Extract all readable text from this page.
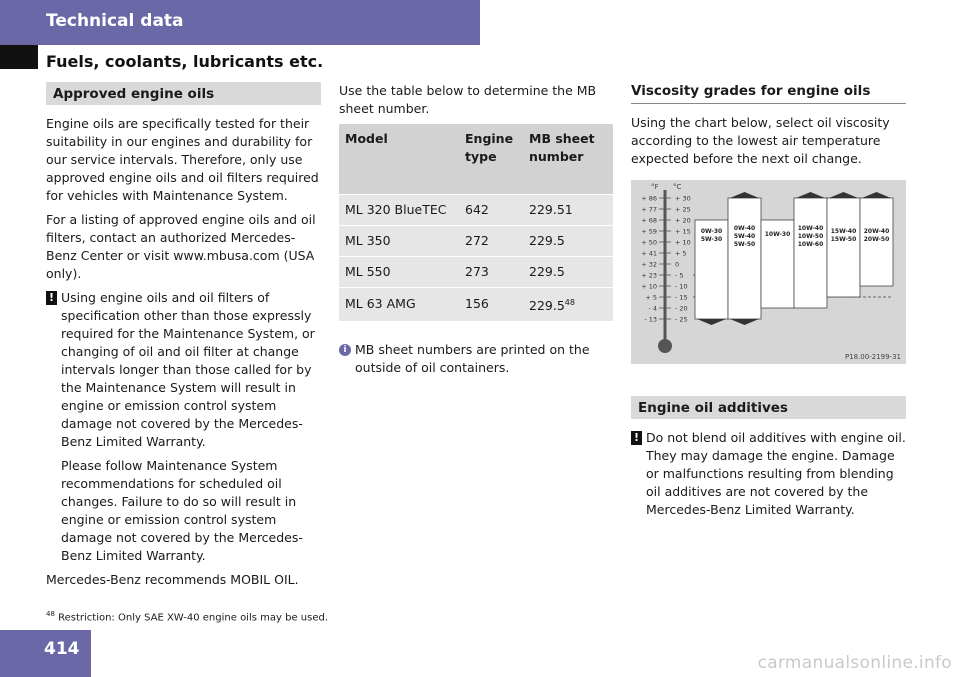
Technical data
Fuels, coolants, lubricants etc.
Approved engine oils

Engine oils are specifically tested for their suitability in our engines and durability for our service intervals. Therefore, only use approved engine oils and oil filters required for vehicles with Maintenance System.

For a listing of approved engine oils and oil filters, contact an authorized Mercedes-Benz Center or visit www.mbusa.com (USA only).

! Using engine oils and oil filters of specification other than those expressly required for the Maintenance System, or changing of oil and oil filter at change intervals longer than those called for by the Maintenance System will result in engine or emission control system damage not covered by the Mercedes-Benz Limited Warranty.

Please follow Maintenance System recommendations for scheduled oil changes. Failure to do so will result in engine or emission control system damage not covered by the Mercedes-Benz Limited Warranty.

Mercedes-Benz recommends MOBIL OIL.

Use the table below to determine the MB sheet number.

Model	Engine type	MB sheet number
ML 320 BlueTEC	642	229.51
ML 350	272	229.5
ML 550	273	229.5
ML 63 AMG	156	229.5$^{48}$
i MB sheet numbers are printed on the outside of oil containers.
Viscosity grades for engine oils

Using the chart below, select oil viscosity according to the lowest air temperature expected before the next oil change.

°F °C
+ 86	+ 30
+ 77	+ 25
+ 68	+ 20
+ 59	+ 15
+ 50	+ 10
+ 41	+ 5
+ 32	0
+ 23	- 5
+ 10	- 10
+ 5	- 15
- 4	- 20
- 13	- 25
0W-30
5W-30
0W-40
5W-40
5W-50
10W-30
10W-40
10W-50
10W-60
15W-40
15W-50
20W-40
20W-50
P18.00-2199-31
Engine oil additives
! Do not blend oil additives with engine oil. They may damage the engine. Damage or malfunctions resulting from blending oil additives are not covered by the Mercedes-Benz Limited Warranty.
$^{48}$ Restriction: Only SAE XW-40 engine oils may be used.
414
carmanualsonline.info
